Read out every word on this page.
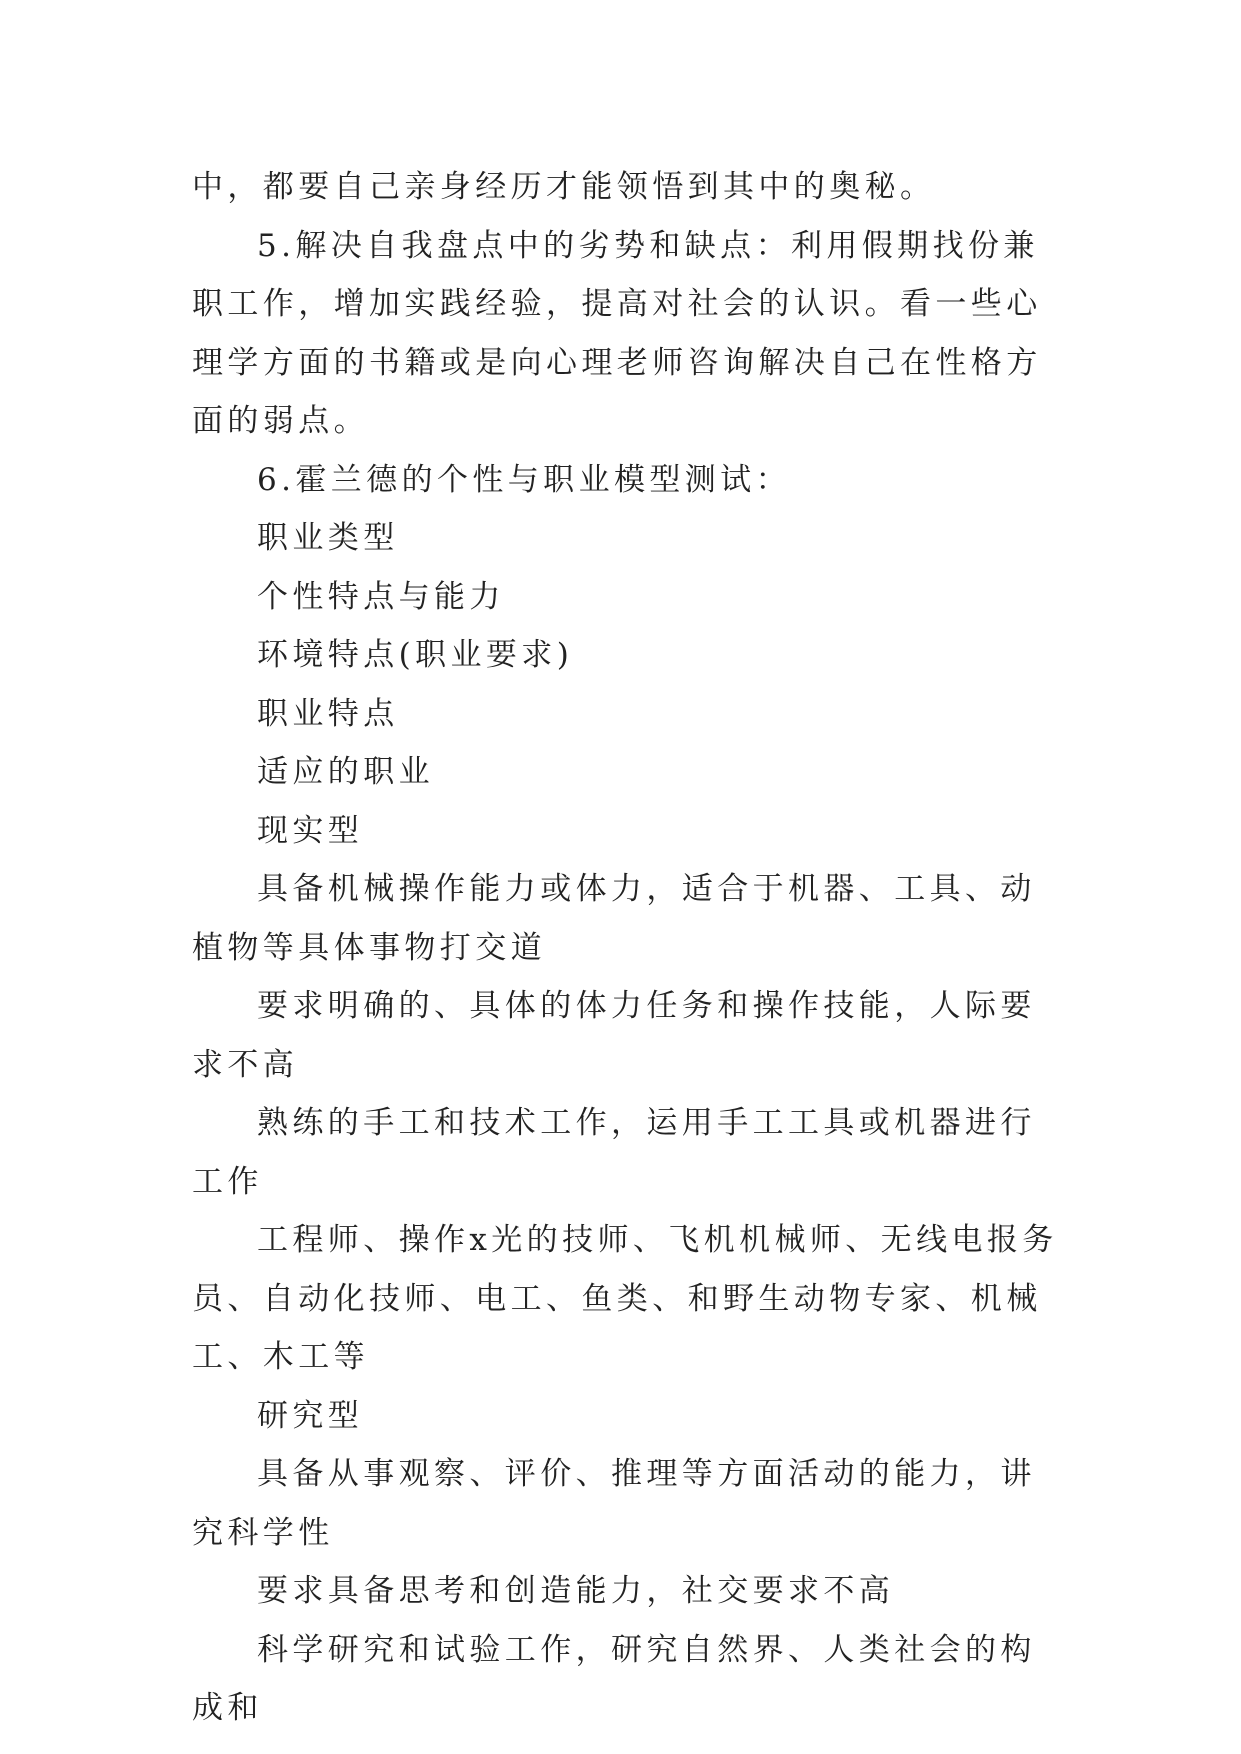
中，都要自己亲身经历才能领悟到其中的奥秘。

5.解决自我盘点中的劣势和缺点：利用假期找份兼职工作，增加实践经验，提高对社会的认识。看一些心理学方面的书籍或是向心理老师咨询解决自己在性格方面的弱点。

6.霍兰德的个性与职业模型测试：

职业类型

个性特点与能力

环境特点(职业要求)

职业特点

适应的职业

现实型

具备机械操作能力或体力，适合于机器、工具、动植物等具体事物打交道

要求明确的、具体的体力任务和操作技能，人际要求不高

熟练的手工和技术工作，运用手工工具或机器进行工作

工程师、操作x光的技师、飞机机械师、无线电报务员、自动化技师、电工、鱼类、和野生动物专家、机械工、木工等

研究型

具备从事观察、评价、推理等方面活动的能力，讲究科学性

要求具备思考和创造能力，社交要求不高

科学研究和试验工作，研究自然界、人类社会的构成和
